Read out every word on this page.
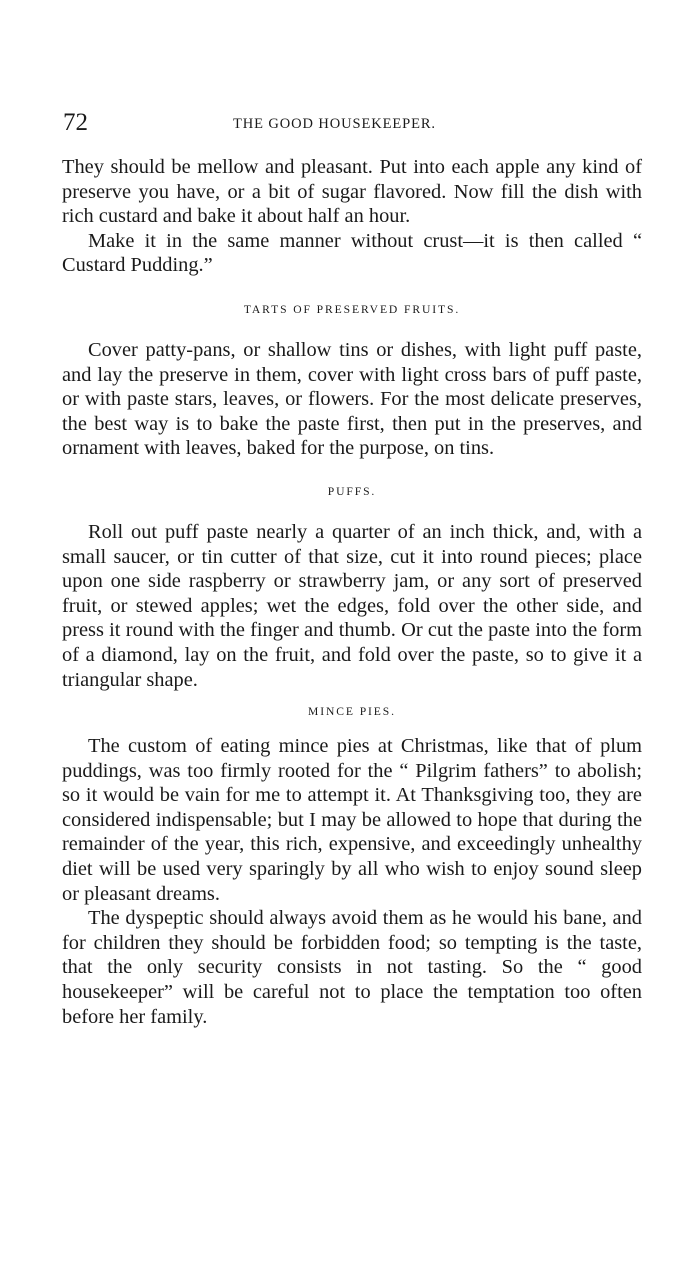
72	THE GOOD HOUSEKEEPER.

They should be mellow and pleasant. Put into each apple any kind of preserve you have, or a bit of sugar flavored. Now fill the dish with rich custard and bake it about half an hour.

Make it in the same manner without crust—it is then called “ Custard Pudding.”

TARTS OF PRESERVED FRUITS.

Cover patty-pans, or shallow tins or dishes, with light puff paste, and lay the preserve in them, cover with light cross bars of puff paste, or with paste stars, leaves, or flowers. For the most delicate preserves, the best way is to bake the paste first, then put in the preserves, and ornament with leaves, baked for the purpose, on tins.

PUFFS.

Roll out puff paste nearly a quarter of an inch thick, and, with a small saucer, or tin cutter of that size, cut it into round pieces; place upon one side raspberry or strawberry jam, or any sort of preserved fruit, or stewed apples; wet the edges, fold over the other side, and press it round with the finger and thumb. Or cut the paste into the form of a diamond, lay on the fruit, and fold over the paste, so to give it a triangular shape.

MINCE PIES.

The custom of eating mince pies at Christmas, like that of plum puddings, was too firmly rooted for the “ Pilgrim fathers” to abolish; so it would be vain for me to attempt it. At Thanksgiving too, they are considered indispensable; but I may be allowed to hope that during the remainder of the year, this rich, expensive, and exceedingly unhealthy diet will be used very sparingly by all who wish to enjoy sound sleep or pleasant dreams.

The dyspeptic should always avoid them as he would his bane, and for children they should be forbidden food; so tempting is the taste, that the only security consists in not tasting. So the “ good housekeeper” will be careful not to place the temptation too often before her family.
